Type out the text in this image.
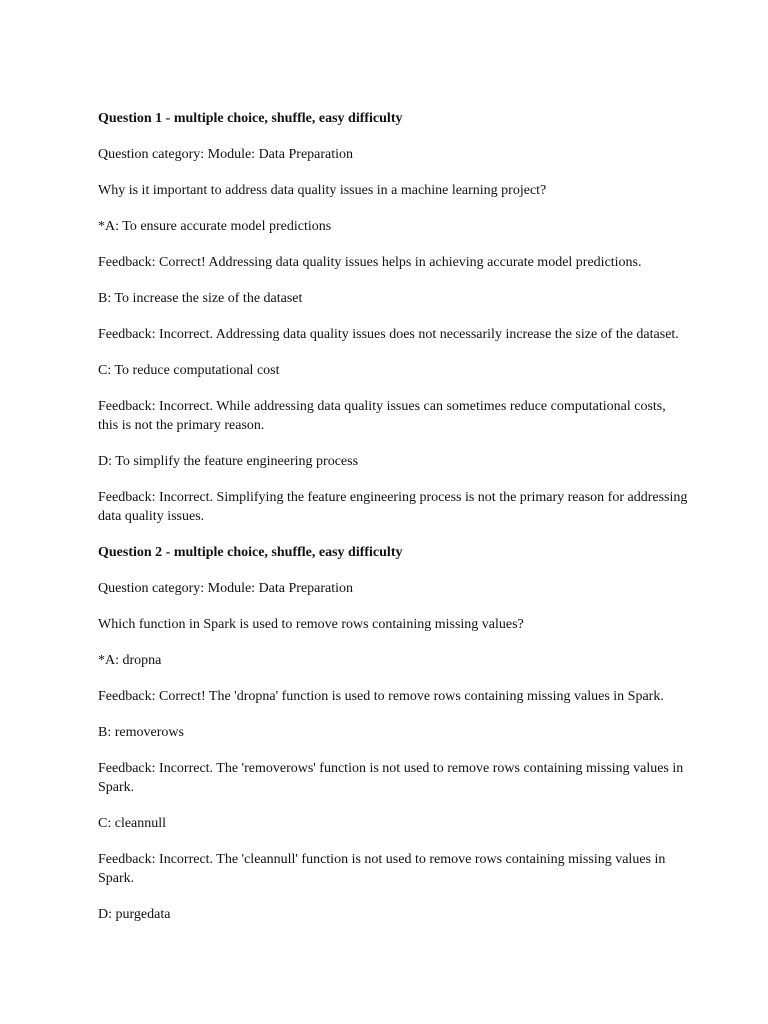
Question 1 - multiple choice, shuffle, easy difficulty

Question category: Module: Data Preparation

Why is it important to address data quality issues in a machine learning project?

*A: To ensure accurate model predictions

Feedback: Correct! Addressing data quality issues helps in achieving accurate model predictions.

B: To increase the size of the dataset

Feedback: Incorrect. Addressing data quality issues does not necessarily increase the size of the dataset.

C: To reduce computational cost

Feedback: Incorrect. While addressing data quality issues can sometimes reduce computational costs, this is not the primary reason.

D: To simplify the feature engineering process

Feedback: Incorrect. Simplifying the feature engineering process is not the primary reason for addressing data quality issues.

Question 2 - multiple choice, shuffle, easy difficulty

Question category: Module: Data Preparation

Which function in Spark is used to remove rows containing missing values?

*A: dropna

Feedback: Correct! The 'dropna' function is used to remove rows containing missing values in Spark.

B: removerows

Feedback: Incorrect. The 'removerows' function is not used to remove rows containing missing values in Spark.

C: cleannull

Feedback: Incorrect. The 'cleannull' function is not used to remove rows containing missing values in Spark.

D: purgedata
